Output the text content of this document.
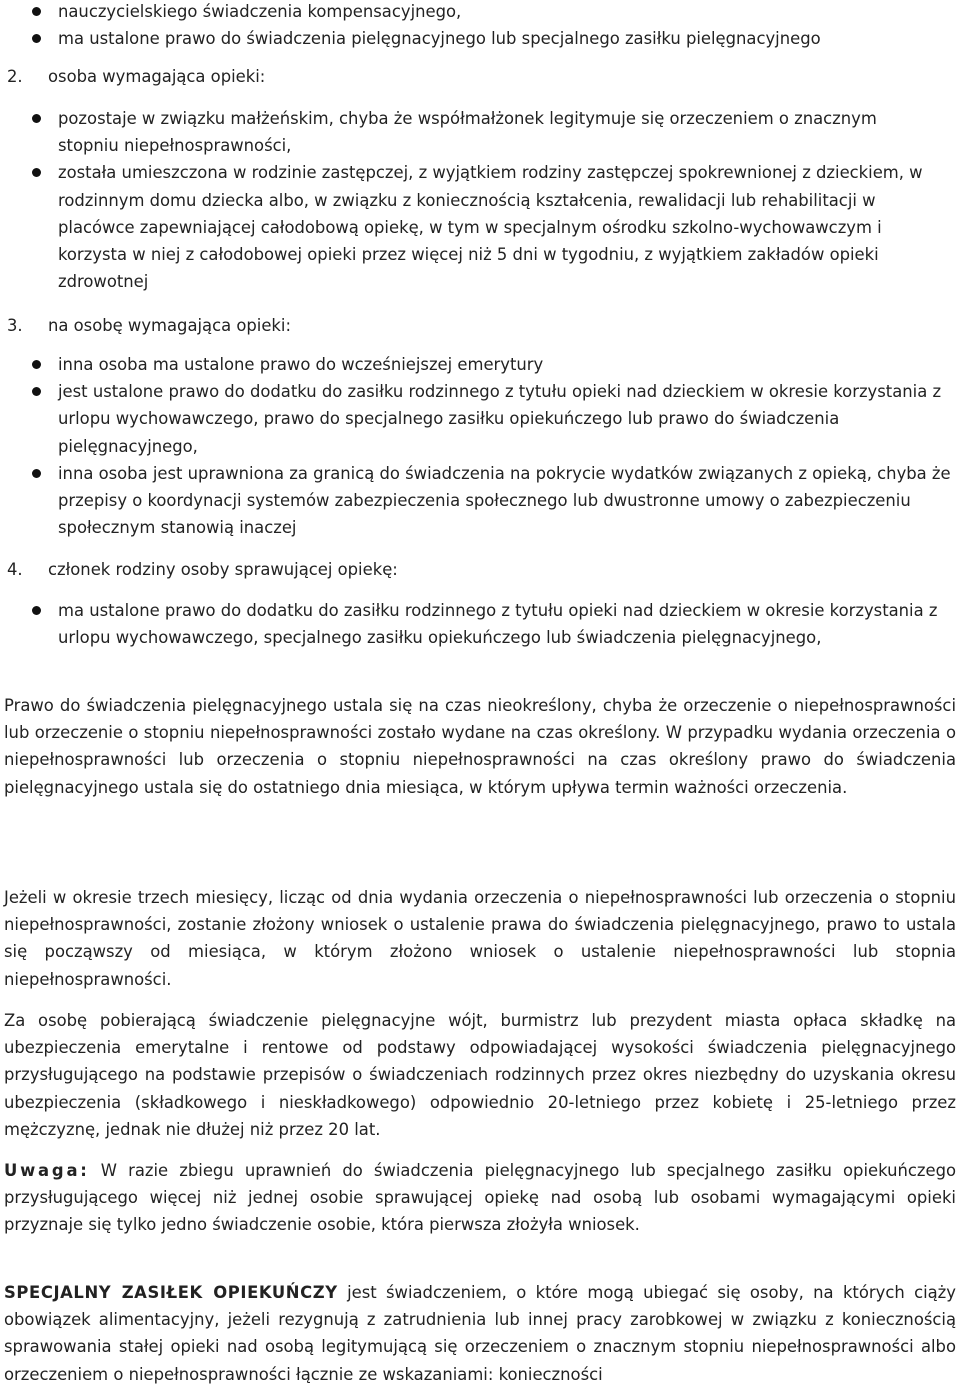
nauczycielskiego świadczenia kompensacyjnego,
ma ustalone prawo do świadczenia pielęgnacyjnego lub specjalnego zasiłku pielęgnacyjnego
2. osoba wymagająca opieki:
pozostaje w związku małżeńskim, chyba że współmałżonek legitymuje się orzeczeniem o znacznym stopniu niepełnosprawności,
została umieszczona w rodzinie zastępczej, z wyjątkiem rodziny zastępczej spokrewnionej z dzieckiem, w rodzinnym domu dziecka albo, w związku z koniecznością kształcenia, rewalidacji lub rehabilitacji w placówce zapewniającej całodobową opiekę, w tym w specjalnym ośrodku szkolno-wychowawczym i korzysta w niej z całodobowej opieki przez więcej niż 5 dni w tygodniu, z wyjątkiem zakładów opieki zdrowotnej
3. na osobę wymagająca opieki:
inna osoba ma ustalone prawo do wcześniejszej emerytury
jest ustalone prawo do dodatku do zasiłku rodzinnego z tytułu opieki nad dzieckiem w okresie korzystania z urlopu wychowawczego, prawo do specjalnego zasiłku opiekuńczego lub prawo do świadczenia pielęgnacyjnego,
inna osoba jest uprawniona za granicą do świadczenia na pokrycie wydatków związanych z opieką, chyba że przepisy o koordynacji systemów zabezpieczenia społecznego lub dwustronne umowy o zabezpieczeniu społecznym stanowią inaczej
4. członek rodziny osoby sprawującej opiekę:
ma ustalone prawo do dodatku do zasiłku rodzinnego z tytułu opieki nad dzieckiem w okresie korzystania z urlopu wychowawczego, specjalnego zasiłku opiekuńczego lub świadczenia pielęgnacyjnego,

Prawo do świadczenia pielęgnacyjnego ustala się na czas nieokreślony, chyba że orzeczenie o niepełnosprawności lub orzeczenie o stopniu niepełnosprawności zostało wydane na czas określony. W przypadku wydania orzeczenia o niepełnosprawności lub orzeczenia o stopniu niepełnosprawności na czas określony prawo do świadczenia pielęgnacyjnego ustala się do ostatniego dnia miesiąca, w którym upływa termin ważności orzeczenia.

Jeżeli w okresie trzech miesięcy, licząc od dnia wydania orzeczenia o niepełnosprawności lub orzeczenia o stopniu niepełnosprawności, zostanie złożony wniosek o ustalenie prawa do świadczenia pielęgnacyjnego, prawo to ustala się począwszy od miesiąca, w którym złożono wniosek o ustalenie niepełnosprawności lub stopnia niepełnosprawności.

Za osobę pobierającą świadczenie pielęgnacyjne wójt, burmistrz lub prezydent miasta opłaca składkę na ubezpieczenia emerytalne i rentowe od podstawy odpowiadającej wysokości świadczenia pielęgnacyjnego przysługującego na podstawie przepisów o świadczeniach rodzinnych przez okres niezbędny do uzyskania okresu ubezpieczenia (składkowego i nieskładkowego) odpowiednio 20-letniego przez kobietę i 25-letniego przez mężczyznę, jednak nie dłużej niż przez 20 lat.

Uwaga: W razie zbiegu uprawnień do świadczenia pielęgnacyjnego lub specjalnego zasiłku opiekuńczego przysługującego więcej niż jednej osobie sprawującej opiekę nad osobą lub osobami wymagającymi opieki przyznaje się tylko jedno świadczenie osobie, która pierwsza złożyła wniosek.

SPECJALNY ZASIŁEK OPIEKUŃCZY jest świadczeniem, o które mogą ubiegać się osoby, na których ciąży obowiązek alimentacyjny, jeżeli rezygnują z zatrudnienia lub innej pracy zarobkowej w związku z koniecznością sprawowania stałej opieki nad osobą legitymującą się orzeczeniem o znacznym stopniu niepełnosprawności albo orzeczeniem o niepełnosprawności łącznie ze wskazaniami: konieczności
